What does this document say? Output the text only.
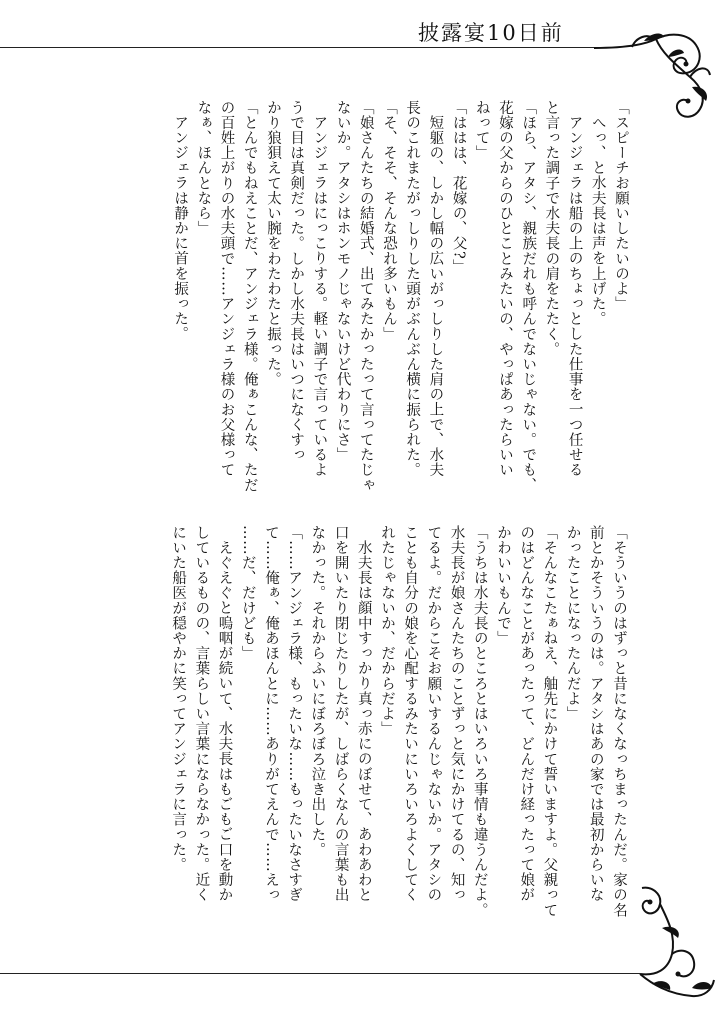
披露宴10日前
「スピーチお願いしたいのよ」
へっ、と水夫長は声を上げた。
アンジェラは船の上のちょっとした仕事を一つ任せる
と言った調子で水夫長の肩をたたく。
「ほら、アタシ、親族だれも呼んでないじゃない。でも、
花嫁の父からのひとことみたいの、やっぱあったらいい
ねって」
「ははは、花嫁の、父?」
短躯の、しかし幅の広いがっしりした肩の上で、水夫
長のこれまたがっしりした頭がぶんぶん横に振られた。
「そ、そそ、そんな恐れ多いもん」
「娘さんたちの結婚式、出てみたかったって言ってたじゃ
ないか。アタシはホンモノじゃないけど代わりにさ」
アンジェラはにっこりする。軽い調子で言っているよ
うで目は真剣だった。しかし水夫長はいつになくすっ
かり狼狽えて太い腕をわたわたと振った。
「とんでもねえことだ、アンジェラ様。俺ぁこんな、ただ
の百姓上がりの水夫頭で……アンジェラ様のお父様って
なぁ、ほんとなら」
アンジェラは静かに首を振った。
「そういうのはずっと昔になくなっちまったんだ。家の名
前とかそういうのは。アタシはあの家では最初からいな
かったことになったんだよ」
「そんなこたぁねえ、舳先にかけて誓いますよ。父親って
のはどんなことがあったって、どんだけ経ったって娘が
かわいいもんで」
「うちは水夫長のところとはいろいろ事情も違うんだよ。
水夫長が娘さんたちのことずっと気にかけてるの、知っ
てるよ。だからこそお願いするんじゃないか。アタシの
ことも自分の娘を心配するみたいにいろいろよくしてく
れたじゃないか、だからだよ」
水夫長は顔中すっかり真っ赤にのぼせて、あわあわと
口を開いたり閉じたりしたが、しばらくなんの言葉も出
なかった。それからふいにぼろぼろ泣き出した。
「……アンジェラ様、もったいな……もったいなさすぎ
て……俺ぁ、俺あほんとに……ありがてえんで……えっ
……だ、だけども」
えぐえぐと嗚咽が続いて、水夫長はもごもご口を動か
しているものの、言葉らしい言葉にならなかった。近く
にいた船医が穏やかに笑ってアンジェラに言った。
